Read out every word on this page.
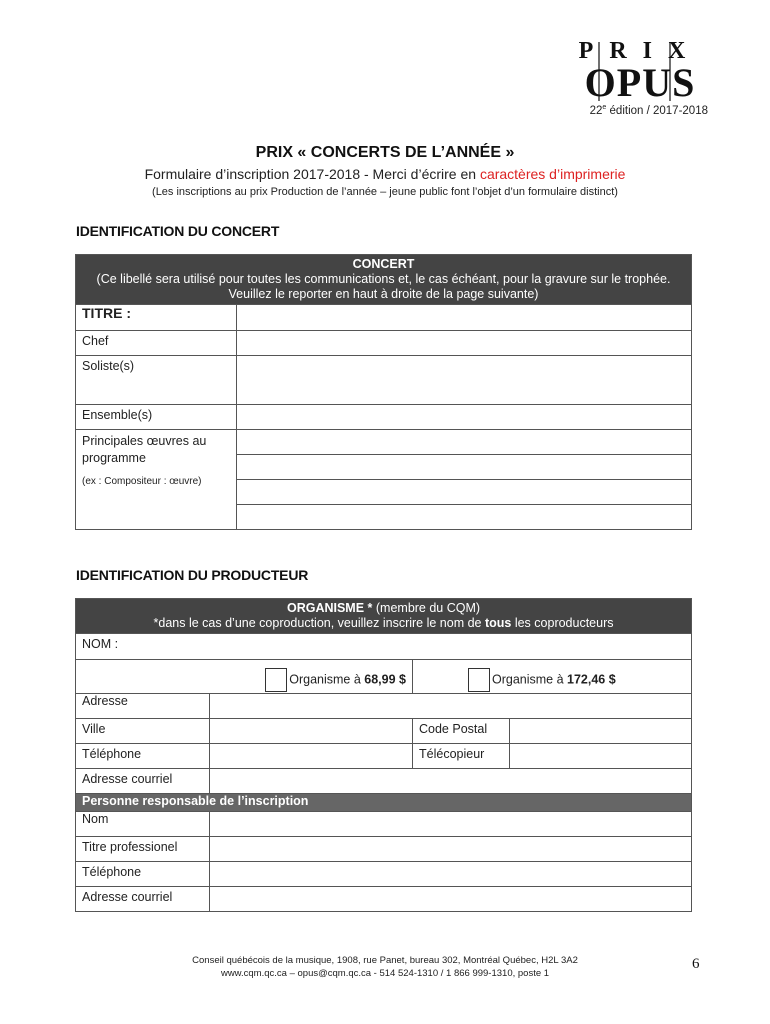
PRIX
OPUS
22e édition / 2017-2018
PRIX « CONCERTS DE L’ANNÉE »
Formulaire d’inscription 2017-2018 - Merci d’écrire en caractères d’imprimerie
(Les inscriptions au prix Production de l’année – jeune public font l’objet d’un formulaire distinct)
IDENTIFICATION DU CONCERT
CONCERT
(Ce libellé sera utilisé pour toutes les communications et, le cas échéant, pour la gravure sur le trophée.
Veuillez le reporter en haut à droite de la page suivante)	
TITRE :	
Chef	
Soliste(s)	
Ensemble(s)	
Principales œuvres au
programme
(ex : Compositeur : œuvre)	

IDENTIFICATION DU PRODUCTEUR
ORGANISME * (membre du CQM)
*dans le cas d’une coproduction, veuillez inscrire le nom de tous les coproducteurs			
NOM :			
Organisme à 68,99 $		Organisme à 172,46 $	
Adresse			
Ville		Code Postal	
Téléphone		Télécopieur	
Adresse courriel			
Personne responsable de l’inscription			
Nom			
Titre professionel			
Téléphone			
Adresse courriel			
Conseil québécois de la musique, 1908, rue Panet, bureau 302, Montréal Québec, H2L 3A2
www.cqm.qc.ca – opus@cqm.qc.ca - 514 524-1310 / 1 866 999-1310, poste 1
6
